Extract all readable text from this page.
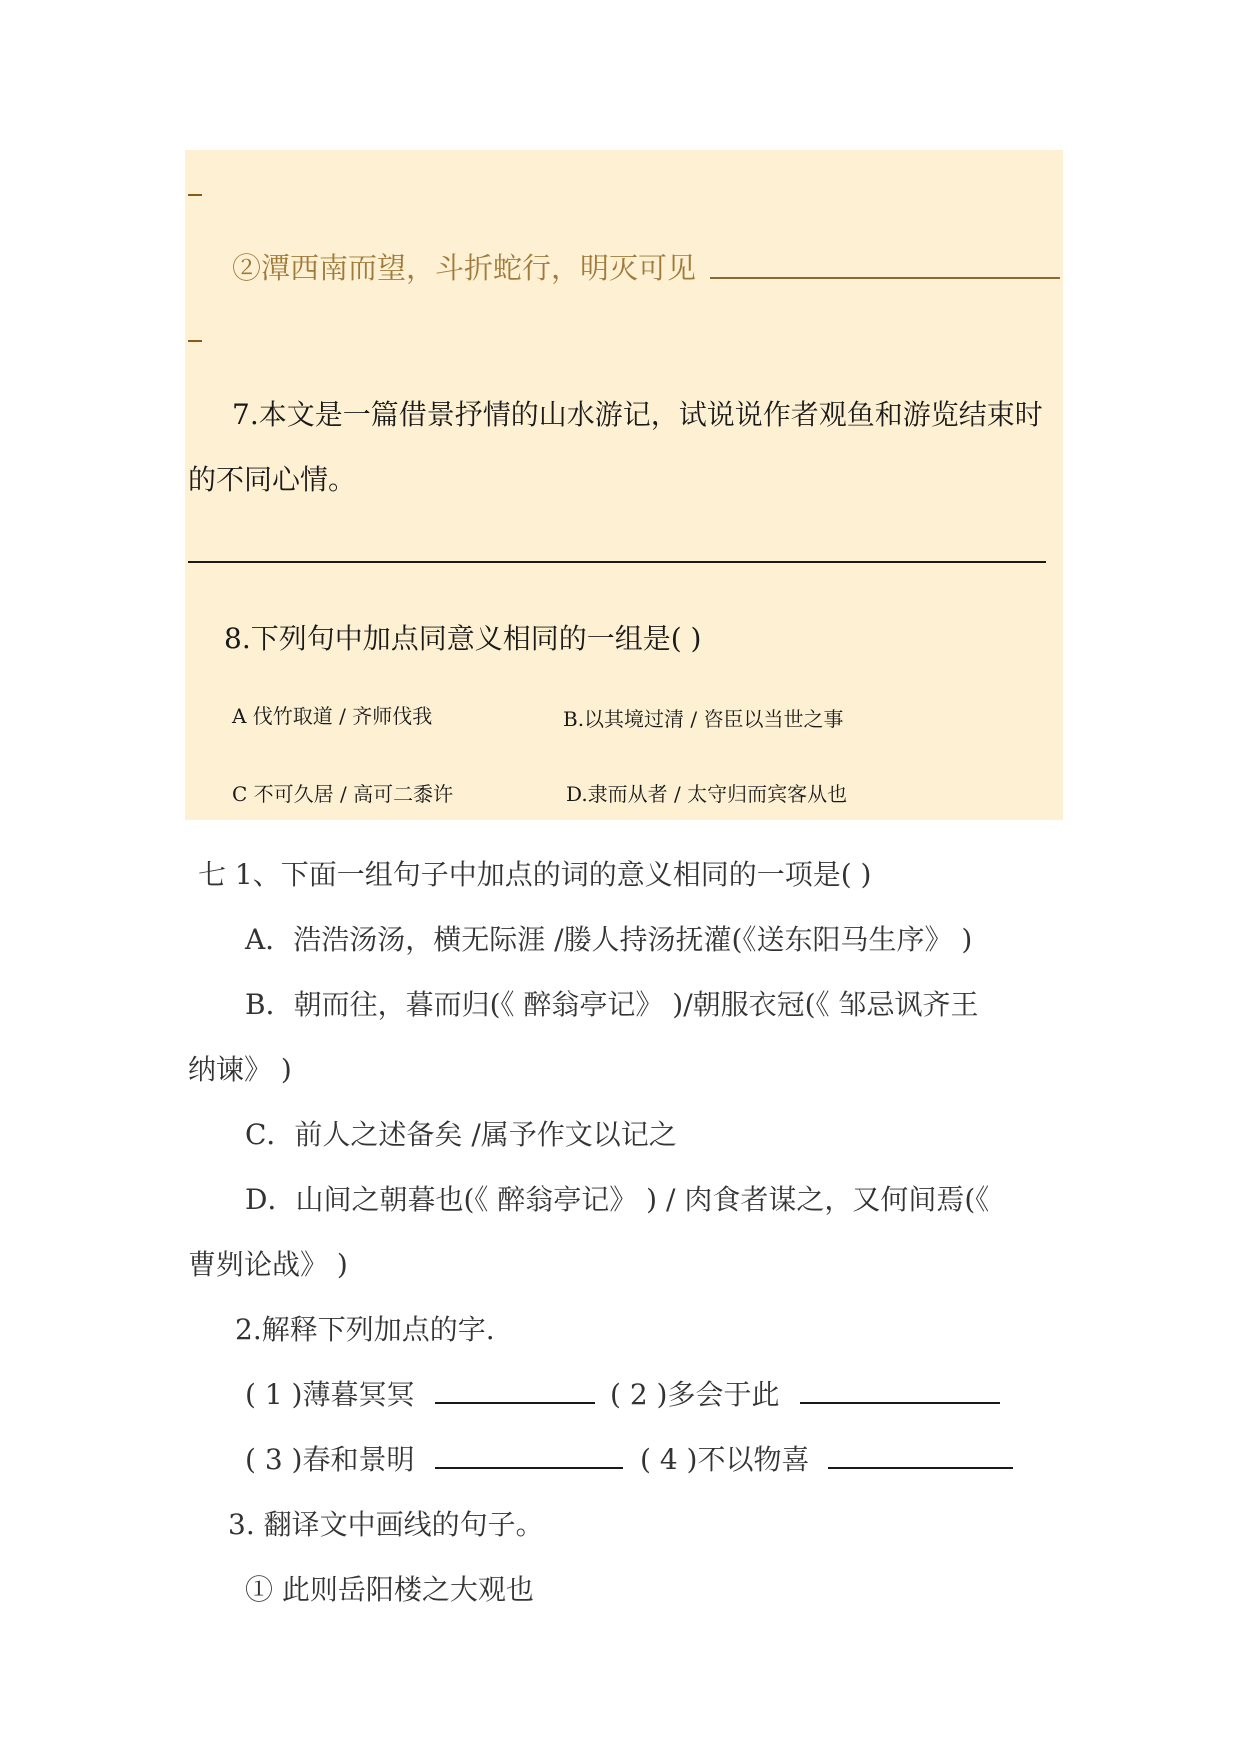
②潭西南而望，斗折蛇行，明灭可见
7.本文是一篇借景抒情的山水游记，试说说作者观鱼和游览结束时
的不同心情。
8.下列句中加点同意义相同的一组是( )
A 伐竹取道 / 齐师伐我	B.以其境过清 / 咨臣以当世之事
C 不可久居 / 高可二黍许	D.隶而从者 / 太守归而宾客从也
七 1、下面一组句子中加点的词的意义相同的一项是( )
A．浩浩汤汤，横无际涯 /媵人持汤抚灌(《送东阳马生序》 )
B．朝而往，暮而归(《 醉翁亭记》 )/朝服衣冠(《 邹忌讽齐王
纳谏》 )
C．前人之述备矣 /属予作文以记之
D．山间之朝暮也(《 醉翁亭记》 ) / 肉食者谋之，又何间焉(《
曹刿论战》 )
2.解释下列加点的字.
( 1 )薄暮冥冥	( 2 )多会于此
( 3 )春和景明	( 4 )不以物喜
3. 翻译文中画线的句子。
① 此则岳阳楼之大观也
